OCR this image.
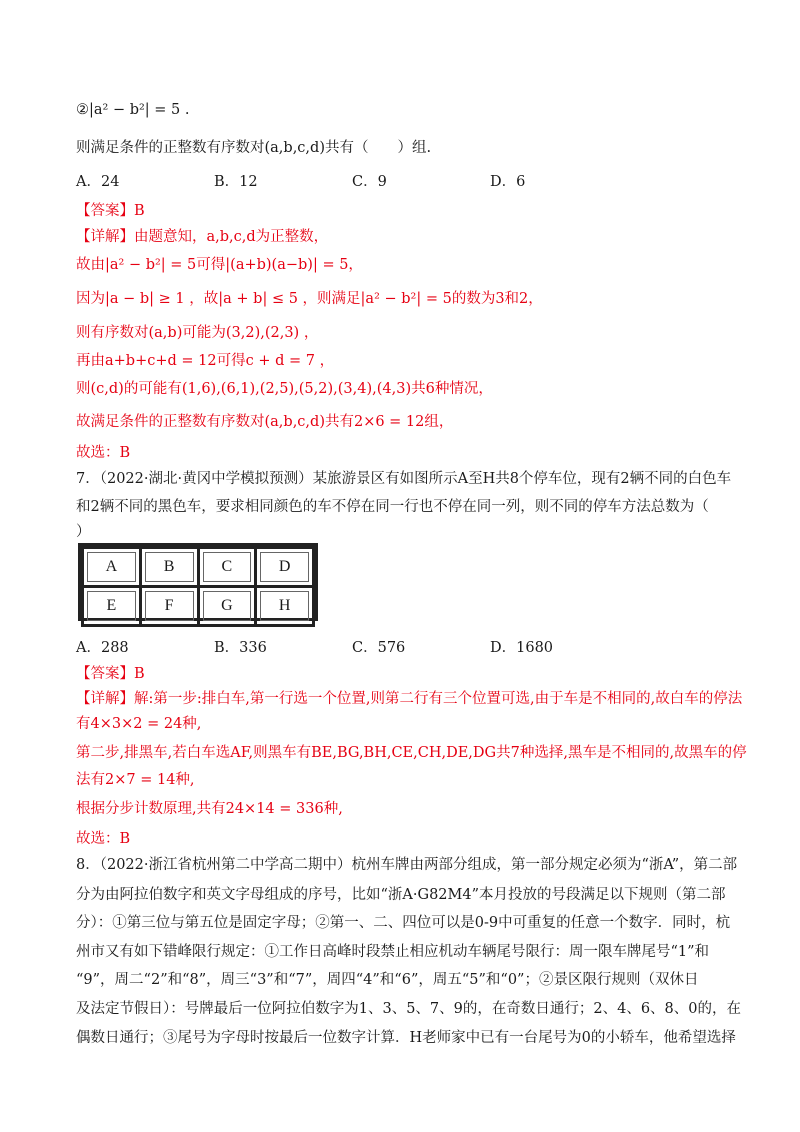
②|a² − b²| = 5 .
则满足条件的正整数有序数对(a,b,c,d)共有（　　）组.
A．24	B．12	C．9	D．6
【答案】B
【详解】由题意知，a,b,c,d为正整数，
故由|a² − b²| = 5可得|(a+b)(a−b)| = 5，
因为|a − b| ≥ 1 ，故|a + b| ≤ 5 ，则满足|a² − b²| = 5的数为3和2，
则有序数对(a,b)可能为(3,2),(2,3) ，
再由a+b+c+d = 12可得c + d = 7 ，
则(c,d)的可能有(1,6),(6,1),(2,5),(5,2),(3,4),(4,3)共6种情况，
故满足条件的正整数有序数对(a,b,c,d)共有2×6 = 12组，
故选：B
7．（2022·湖北·黄冈中学模拟预测）某旅游景区有如图所示A至H共8个停车位，现有2辆不同的白色车
和2辆不同的黑色车，要求相同颜色的车不停在同一行也不停在同一列，则不同的停车方法总数为（
）
A	B	C	D

E	F	G	H
A．288	B．336	C．576	D．1680
【答案】B
【详解】解:第一步:排白车,第一行选一个位置,则第二行有三个位置可选,由于车是不相同的,故白车的停法
有4×3×2 = 24种,
第二步,排黑车,若白车选AF,则黑车有BE,BG,BH,CE,CH,DE,DG共7种选择,黑车是不相同的,故黑车的停
法有2×7 = 14种,
根据分步计数原理,共有24×14 = 336种,
故选：B
8．（2022·浙江省杭州第二中学高二期中）杭州车牌由两部分组成，第一部分规定必须为“浙A”，第二部
分为由阿拉伯数字和英文字母组成的序号，比如“浙A·G82M4”本月投放的号段满足以下规则（第二部
分）：①第三位与第五位是固定字母；②第一、二、四位可以是0-9中可重复的任意一个数字．同时，杭
州市又有如下错峰限行规定：①工作日高峰时段禁止相应机动车辆尾号限行：周一限车牌尾号“1”和
“9”，周二“2”和“8”，周三“3”和“7”，周四“4”和“6”，周五“5”和“0”；②景区限行规则（双休日
及法定节假日）：号牌最后一位阿拉伯数字为1、3、5、7、9的，在奇数日通行；2、4、6、8、0的，在
偶数日通行；③尾号为字母时按最后一位数字计算．H老师家中已有一台尾号为0的小轿车，他希望选择
